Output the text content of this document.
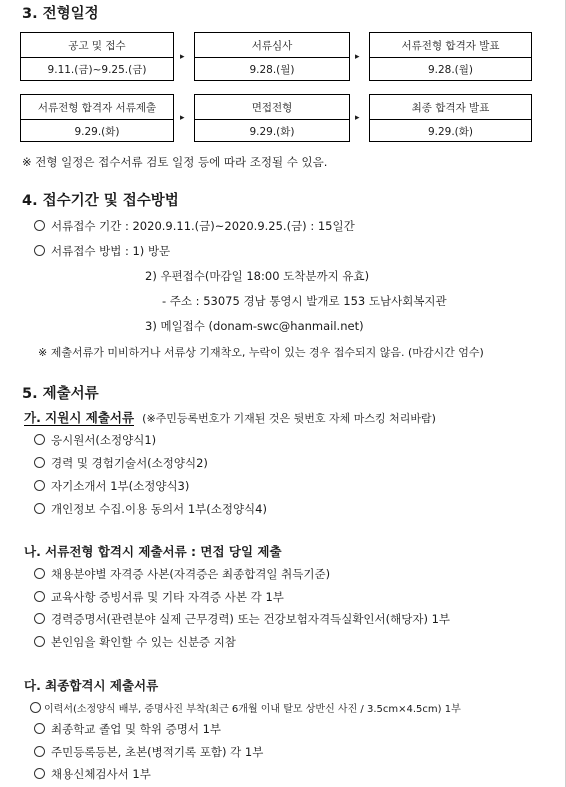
3. 전형일정
공고 및 접수
9.11.(금)~9.25.(금)
▸
서류심사
9.28.(월)
▸
서류전형 합격자 발표
9.28.(월)
서류전형 합격자 서류제출
9.29.(화)
▸
면접전형
9.29.(화)
▸
최종 합격자 발표
9.29.(화)
※ 전형 일정은 접수서류 검토 일정 등에 따라 조정될 수 있음.
4. 접수기간 및 접수방법
서류접수 기간 : 2020.9.11.(금)~2020.9.25.(금) : 15일간
서류접수 방법 : 1) 방문
2) 우편접수(마감일 18:00 도착분까지 유효)
- 주소 : 53075 경남 통영시 발개로 153 도남사회복지관
3) 메일접수 (donam-swc@hanmail.net)
※ 제출서류가 미비하거나 서류상 기재착오, 누락이 있는 경우 접수되지 않음. (마감시간 엄수)
5. 제출서류
가. 지원시 제출서류 (※주민등록번호가 기재된 것은 뒷번호 자체 마스킹 처리바람)
응시원서(소정양식1)
경력 및 경험기술서(소정양식2)
자기소개서 1부(소정양식3)
개인정보 수집.이용 동의서 1부(소정양식4)
나. 서류전형 합격시 제출서류 : 면접 당일 제출
채용분야별 자격증 사본(자격증은 최종합격일 취득기준)
교육사항 증빙서류 및 기타 자격증 사본 각 1부
경력증명서(관련분야 실제 근무경력) 또는 건강보험자격득실확인서(해당자) 1부
본인임을 확인할 수 있는 신분증 지참
다. 최종합격시 제출서류
이력서(소정양식 배부, 증명사진 부착(최근 6개월 이내 탈모 상반신 사진 / 3.5cm×4.5cm) 1부
최종학교 졸업 및 학위 증명서 1부
주민등록등본, 초본(병적기록 포함) 각 1부
채용신체검사서 1부
